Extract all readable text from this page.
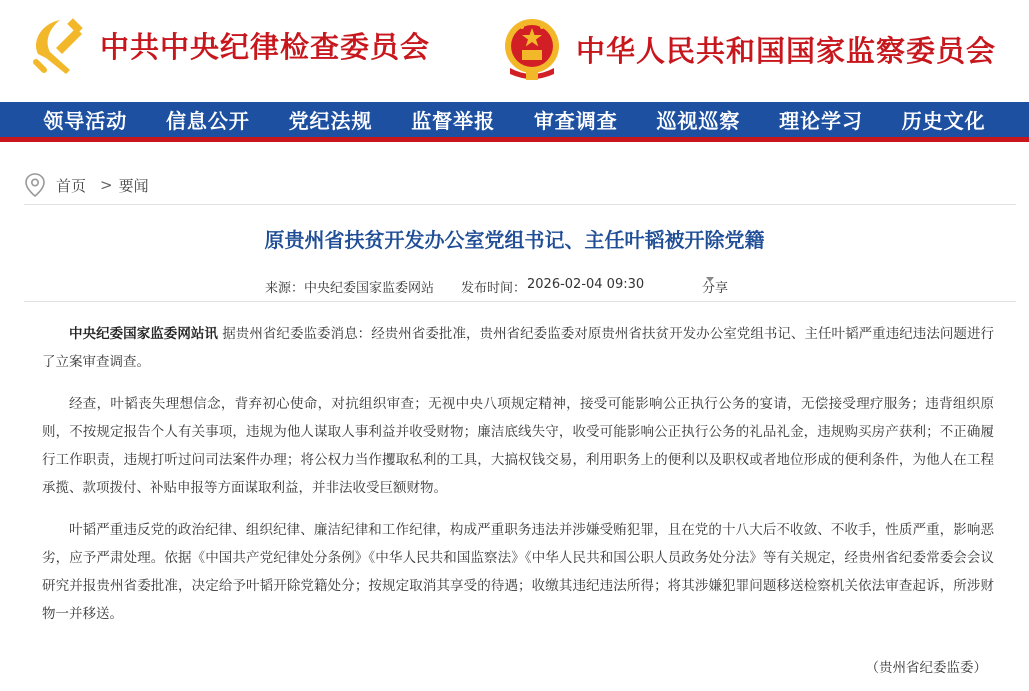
中共中央纪律检查委员会	中华人民共和国国家监察委员会
领导活动 信息公开 党纪法规 监督举报 审查调查 巡视巡察 理论学习 历史文化
首页 > 要闻
原贵州省扶贫开发办公室党组书记、主任叶韬被开除党籍
来源： 中央纪委国家监委网站 发布时间： 2026-02-04 09:30	分享

中央纪委国家监委网站讯 据贵州省纪委监委消息：经贵州省委批准，贵州省纪委监委对原贵州省扶贫开发办公室党组书记、主任叶韬严重违纪违法问题进行了立案审查调查。

经查，叶韬丧失理想信念，背弃初心使命，对抗组织审查；无视中央八项规定精神，接受可能影响公正执行公务的宴请，无偿接受理疗服务；违背组织原则，不按规定报告个人有关事项，违规为他人谋取人事利益并收受财物；廉洁底线失守，收受可能影响公正执行公务的礼品礼金，违规购买房产获利；不正确履行工作职责，违规打听过问司法案件办理；将公权力当作攫取私利的工具，大搞权钱交易，利用职务上的便利以及职权或者地位形成的便利条件，为他人在工程承揽、款项拨付、补贴申报等方面谋取利益，并非法收受巨额财物。

叶韬严重违反党的政治纪律、组织纪律、廉洁纪律和工作纪律，构成严重职务违法并涉嫌受贿犯罪，且在党的十八大后不收敛、不收手，性质严重，影响恶劣，应予严肃处理。依据《中国共产党纪律处分条例》《中华人民共和国监察法》《中华人民共和国公职人员政务处分法》等有关规定，经贵州省纪委常委会会议研究并报贵州省委批准，决定给予叶韬开除党籍处分；按规定取消其享受的待遇；收缴其违纪违法所得；将其涉嫌犯罪问题移送检察机关依法审查起诉，所涉财物一并移送。

（贵州省纪委监委）
